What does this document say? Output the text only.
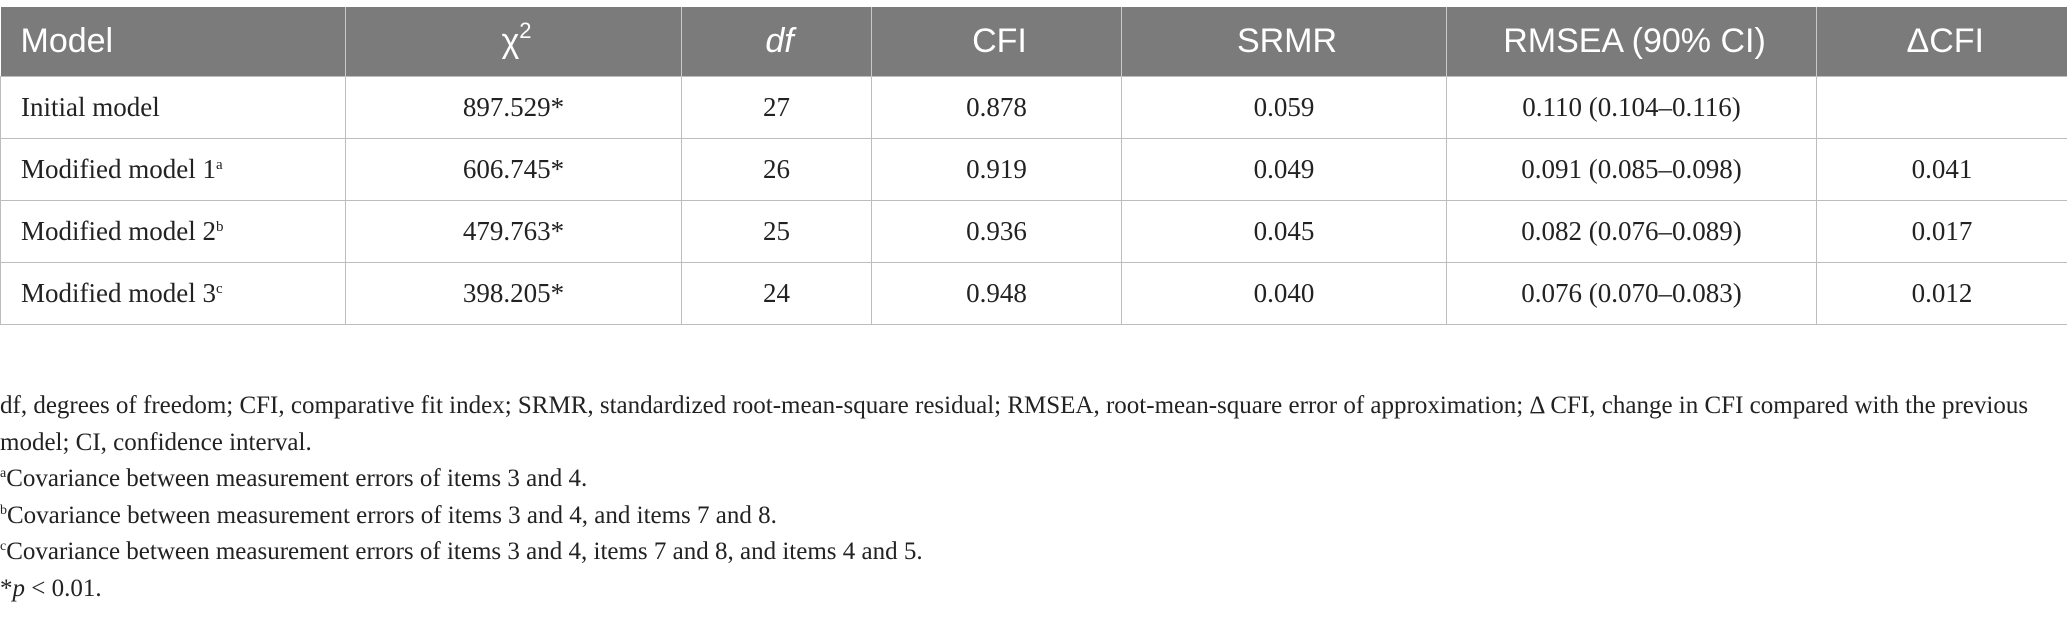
Model	$\chi^2$	df	CFI	SRMR	RMSEA (90% CI)	ΔCFI
Initial model	897.529*	27	0.878	0.059	0.110 (0.104–0.116)	
Modified model 1$^a$	606.745*	26	0.919	0.049	0.091 (0.085–0.098)	0.041
Modified model 2$^b$	479.763*	25	0.936	0.045	0.082 (0.076–0.089)	0.017
Modified model 3$^c$	398.205*	24	0.948	0.040	0.076 (0.070–0.083)	0.012

df, degrees of freedom; CFI, comparative fit index; SRMR, standardized root-mean-square residual; RMSEA, root-mean-square error of approximation; Δ CFI, change in CFI compared with the previous model; CI, confidence interval.

$^a$Covariance between measurement errors of items 3 and 4.

$^b$Covariance between measurement errors of items 3 and 4, and items 7 and 8.

$^c$Covariance between measurement errors of items 3 and 4, items 7 and 8, and items 4 and 5.

*p < 0.01.
